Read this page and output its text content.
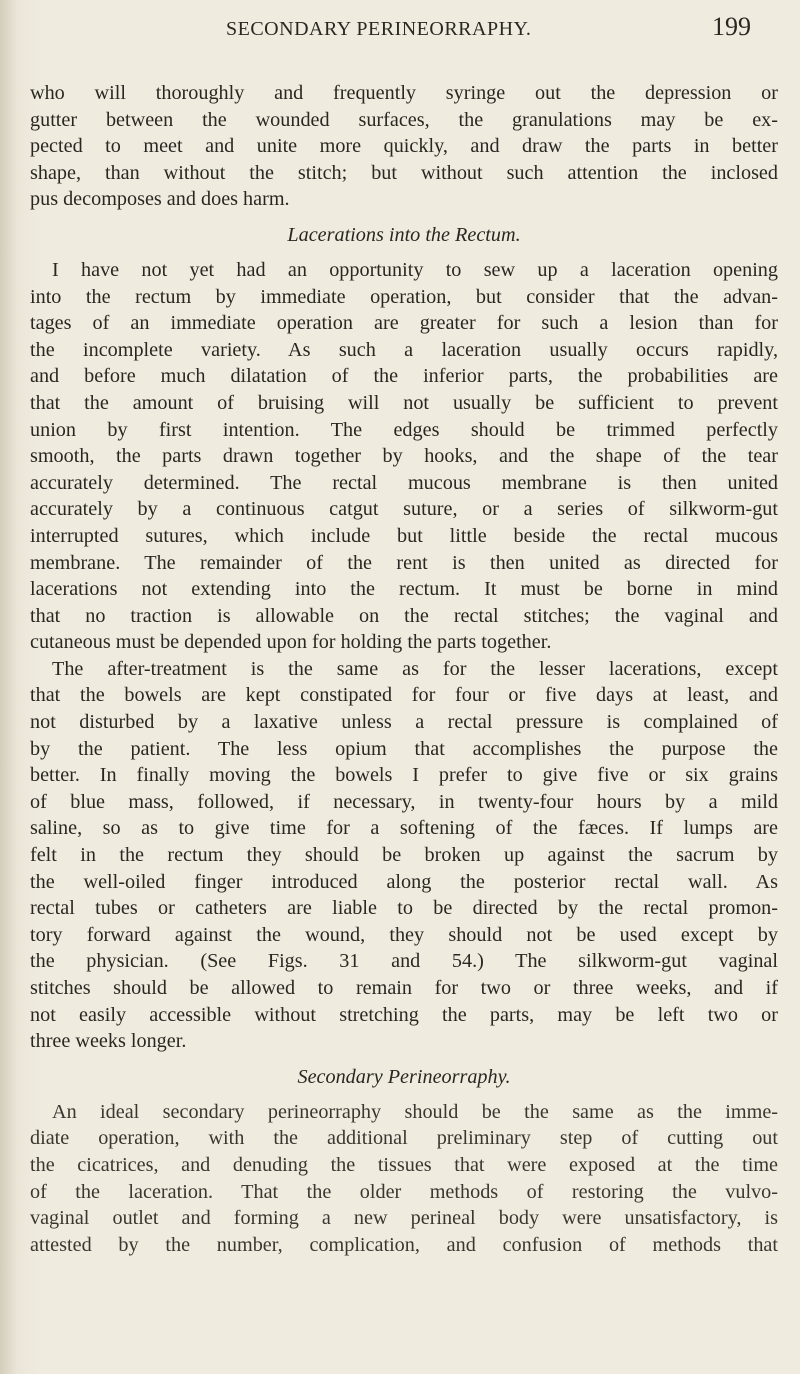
SECONDARY PERINEORRAPHY.	199
who will thoroughly and frequently syringe out the depression or
gutter between the wounded surfaces, the granulations may be ex-
pected to meet and unite more quickly, and draw the parts in better
shape, than without the stitch; but without such attention the inclosed
pus decomposes and does harm.
Lacerations into the Rectum.
I have not yet had an opportunity to sew up a laceration opening
into the rectum by immediate operation, but consider that the advan-
tages of an immediate operation are greater for such a lesion than for
the incomplete variety. As such a laceration usually occurs rapidly,
and before much dilatation of the inferior parts, the probabilities are
that the amount of bruising will not usually be sufficient to prevent
union by first intention. The edges should be trimmed perfectly
smooth, the parts drawn together by hooks, and the shape of the tear
accurately determined. The rectal mucous membrane is then united
accurately by a continuous catgut suture, or a series of silkworm-gut
interrupted sutures, which include but little beside the rectal mucous
membrane. The remainder of the rent is then united as directed for
lacerations not extending into the rectum. It must be borne in mind
that no traction is allowable on the rectal stitches; the vaginal and
cutaneous must be depended upon for holding the parts together.
The after-treatment is the same as for the lesser lacerations, except
that the bowels are kept constipated for four or five days at least, and
not disturbed by a laxative unless a rectal pressure is complained of
by the patient. The less opium that accomplishes the purpose the
better. In finally moving the bowels I prefer to give five or six grains
of blue mass, followed, if necessary, in twenty-four hours by a mild
saline, so as to give time for a softening of the fæces. If lumps are
felt in the rectum they should be broken up against the sacrum by
the well-oiled finger introduced along the posterior rectal wall. As
rectal tubes or catheters are liable to be directed by the rectal promon-
tory forward against the wound, they should not be used except by
the physician. (See Figs. 31 and 54.) The silkworm-gut vaginal
stitches should be allowed to remain for two or three weeks, and if
not easily accessible without stretching the parts, may be left two or
three weeks longer.
Secondary Perineorraphy.
An ideal secondary perineorraphy should be the same as the imme-
diate operation, with the additional preliminary step of cutting out
the cicatrices, and denuding the tissues that were exposed at the time
of the laceration. That the older methods of restoring the vulvo-
vaginal outlet and forming a new perineal body were unsatisfactory, is
attested by the number, complication, and confusion of methods that
